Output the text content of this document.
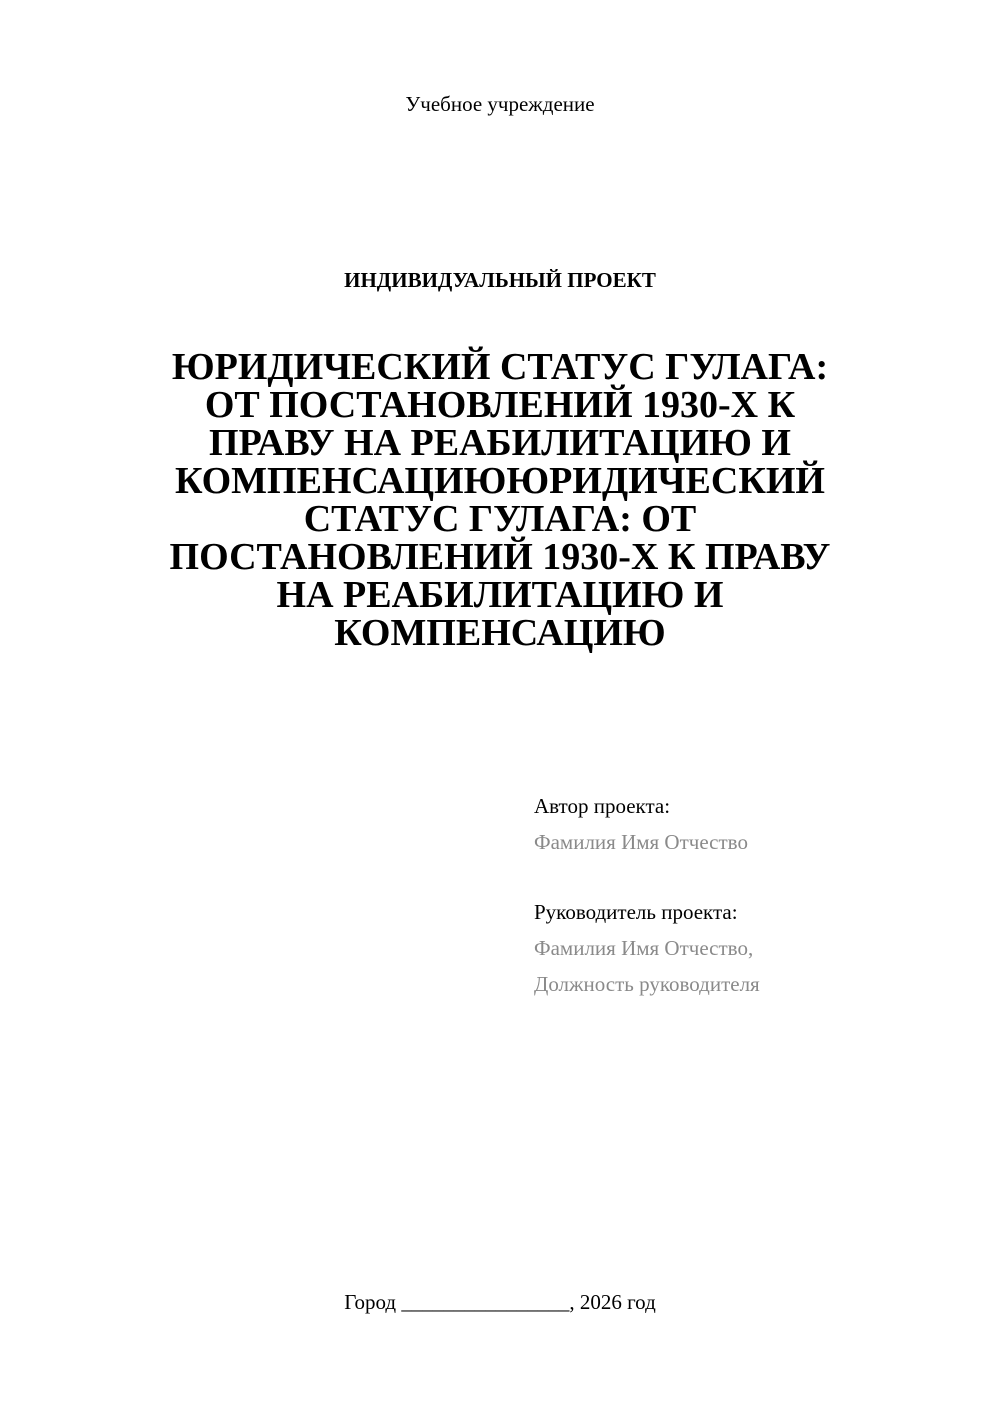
Учебное учреждение
ИНДИВИДУАЛЬНЫЙ ПРОЕКТ
ЮРИДИЧЕСКИЙ СТАТУС ГУЛАГА: ОТ ПОСТАНОВЛЕНИЙ 1930-Х К ПРАВУ НА РЕАБИЛИТАЦИЮ И КОМПЕНСАЦИЮЮРИДИЧЕСКИЙ СТАТУС ГУЛАГА: ОТ ПОСТАНОВЛЕНИЙ 1930-Х К ПРАВУ НА РЕАБИЛИТАЦИЮ И КОМПЕНСАЦИЮ
Автор проекта:
Фамилия Имя Отчество
Руководитель проекта:
Фамилия Имя Отчество,
Должность руководителя
Город ________________, 2026 год
